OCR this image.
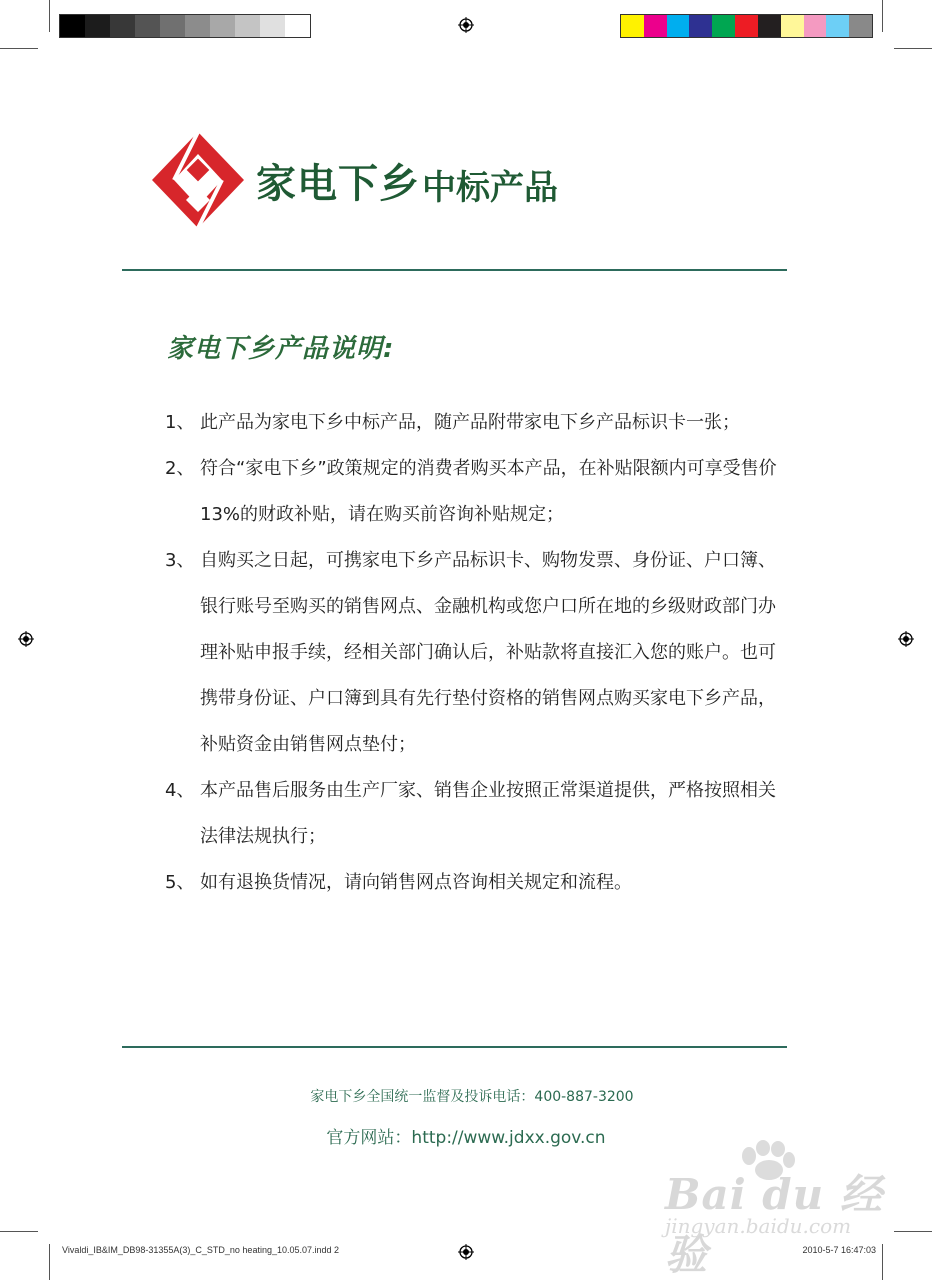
家电下乡 中标产品
家电下乡产品说明:
1、 此产品为家电下乡中标产品，随产品附带家电下乡产品标识卡一张；
2、 符合“家电下乡”政策规定的消费者购买本产品，在补贴限额内可享受售价13%的财政补贴，请在购买前咨询补贴规定；
3、 自购买之日起，可携家电下乡产品标识卡、购物发票、身份证、户口簿、银行账号至购买的销售网点、金融机构或您户口所在地的乡级财政部门办理补贴申报手续，经相关部门确认后，补贴款将直接汇入您的账户。也可携带身份证、户口簿到具有先行垫付资格的销售网点购买家电下乡产品，补贴资金由销售网点垫付；
4、 本产品售后服务由生产厂家、销售企业按照正常渠道提供，严格按照相关法律法规执行；
5、 如有退换货情况，请向销售网点咨询相关规定和流程。
家电下乡全国统一监督及投诉电话：400-887-3200
官方网站：http://www.jdxx.gov.cn
Bai du 经验
jingyan.baidu.com
Vivaldi_IB&IM_DB98-31355A(3)_C_STD_no heating_10.05.07.indd 2	2010-5-7 16:47:03
